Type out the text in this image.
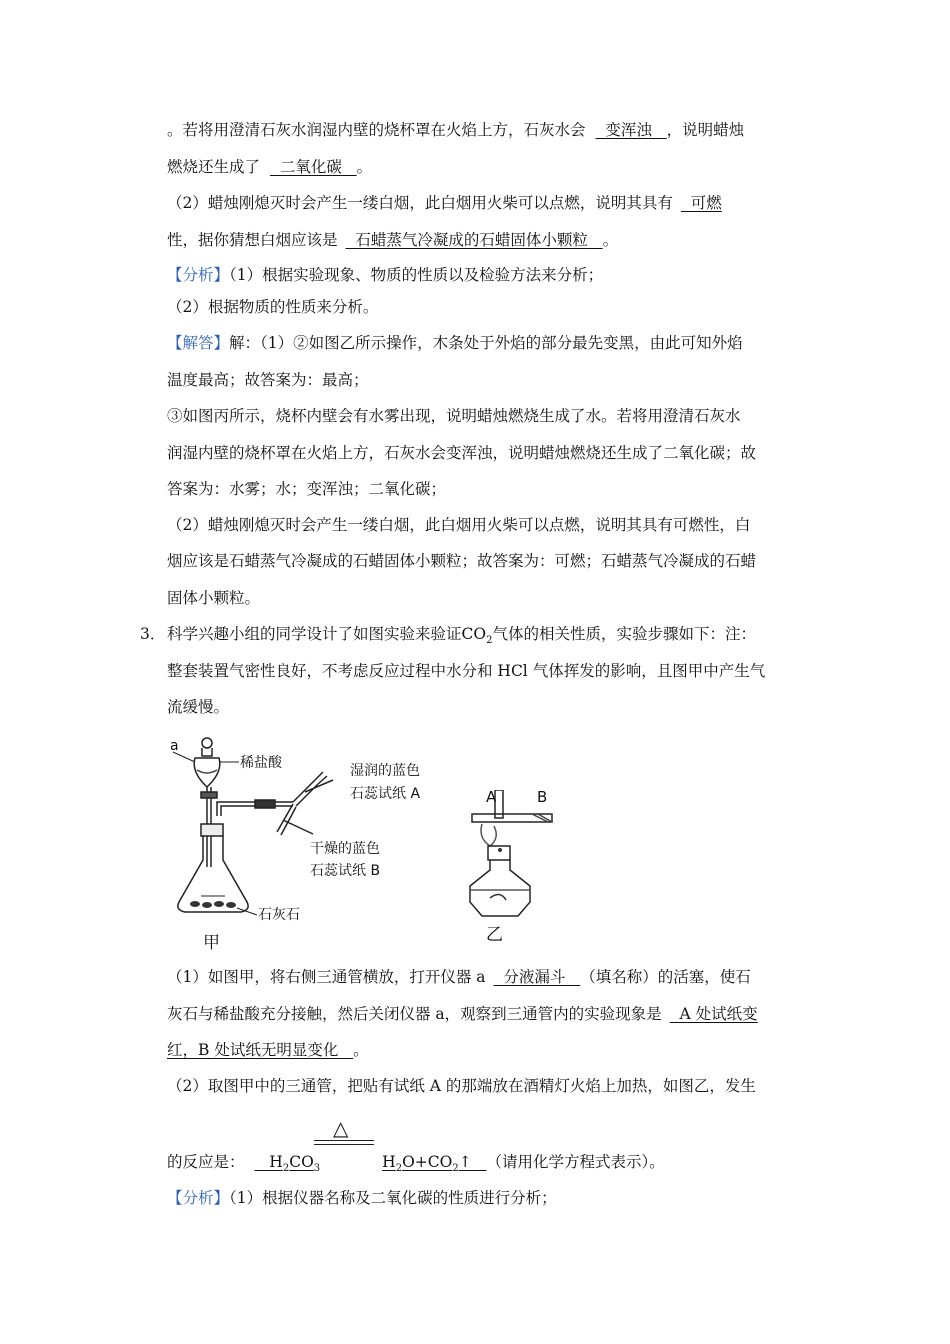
。若将用澄清石灰水润湿内壁的烧杯罩在火焰上方，石灰水会 变浑浊 ，说明蜡烛
燃烧还生成了 二氧化碳 。
（2）蜡烛刚熄灭时会产生一缕白烟，此白烟用火柴可以点燃，说明其具有 可燃
性，据你猜想白烟应该是 石蜡蒸气冷凝成的石蜡固体小颗粒 。
【分析】（1）根据实验现象、物质的性质以及检验方法来分析；
（2）根据物质的性质来分析。
【解答】解：（1）②如图乙所示操作，木条处于外焰的部分最先变黑，由此可知外焰
温度最高；故答案为：最高；
③如图丙所示，烧杯内壁会有水雾出现，说明蜡烛燃烧生成了水。若将用澄清石灰水
润湿内壁的烧杯罩在火焰上方，石灰水会变浑浊，说明蜡烛燃烧还生成了二氧化碳；故
答案为：水雾；水；变浑浊；二氧化碳；
（2）蜡烛刚熄灭时会产生一缕白烟，此白烟用火柴可以点燃，说明其具有可燃性，白
烟应该是石蜡蒸气冷凝成的石蜡固体小颗粒；故答案为：可燃；石蜡蒸气冷凝成的石蜡
固体小颗粒。
3． 科学兴趣小组的同学设计了如图实验来验证$CO_2$气体的相关性质，实验步骤如下：注：
整套装置气密性良好，不考虑反应过程中水分和 HCl 气体挥发的影响，且图甲中产生气
流缓慢。
a
稀盐酸	湿润的蓝色
石蕊试纸 A
干燥的蓝色
石蕊试纸 B
石灰石
甲
A	B
乙
（1）如图甲，将右侧三通管横放，打开仪器 a 分液漏斗 （填名称）的活塞，使石
灰石与稀盐酸充分接触，然后关闭仪器 a，观察到三通管内的实验现象是 A 处试纸变
红，B 处试纸无明显变化 。
（2）取图甲中的三通管，把贴有试纸 A 的那端放在酒精灯火焰上加热，如图乙，发生
△
的反应是： $H_2CO_3$	$H_2O+CO_2↑$ （请用化学方程式表示）。
【分析】（1）根据仪器名称及二氧化碳的性质进行分析；
